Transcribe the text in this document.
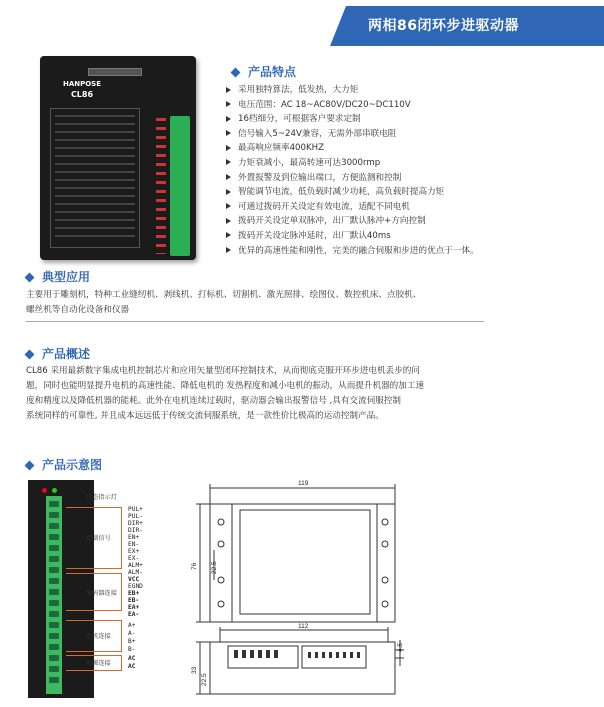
两相86闭环步进驱动器
HANPOSE
CL86
产品特点
采用独特算法，低发热，大力矩
电压范围：AC 18~AC80V/DC20~DC110V
16档细分，可根据客户要求定制
信号输入5~24V兼容，无需外部串联电阻
最高响应频率400KHZ
力矩衰减小，最高转速可达3000rmp
外置报警及到位输出端口，方便监测和控制
智能调节电流，低负载时减少功耗，高负载时提高力矩
可通过拨码开关设定有效电流，适配不同电机
拨码开关设定单双脉冲，出厂默认脉冲+方向控制
拨码开关设定脉冲延时，出厂默认40ms
优异的高速性能和刚性，完美的融合伺服和步进的优点于一体。
典型应用
主要用于雕刻机，特种工业缝纫机、剥线机、打标机、切割机、激光照排、绘图仪、数控机床、点胶机、
螺丝机等自动化设备和仪器
产品概述
CL86 采用最新数字集成电机控制芯片和应用矢量型闭环控制技术，从而彻底克服开环步进电机丢步的问
题，同时也能明显提升电机的高速性能、降低电机的 发热程度和减小电机的振动，从而提升机器的加工速
度和精度以及降低机器的能耗。此外在电机连续过载时，驱动器会输出报警信号 ,具有交流伺服控制
系统同样的可靠性, 并且成本远远低于传统交流伺服系统，是一款性价比极高的运动控制产品。
产品示意图
状态指示灯
控制信号
编码器连接
电机连接
电源连接
PUL+
PUL-
DIR+
DIR-
EN+
EN-
EX+
EX-
ALM+
ALM-
VCC
EGND
EB+
EB-
EA+
EA-
A+
A-
B+
B-
AC
AC
119
76 22.5
112
33
4.5
22.5
